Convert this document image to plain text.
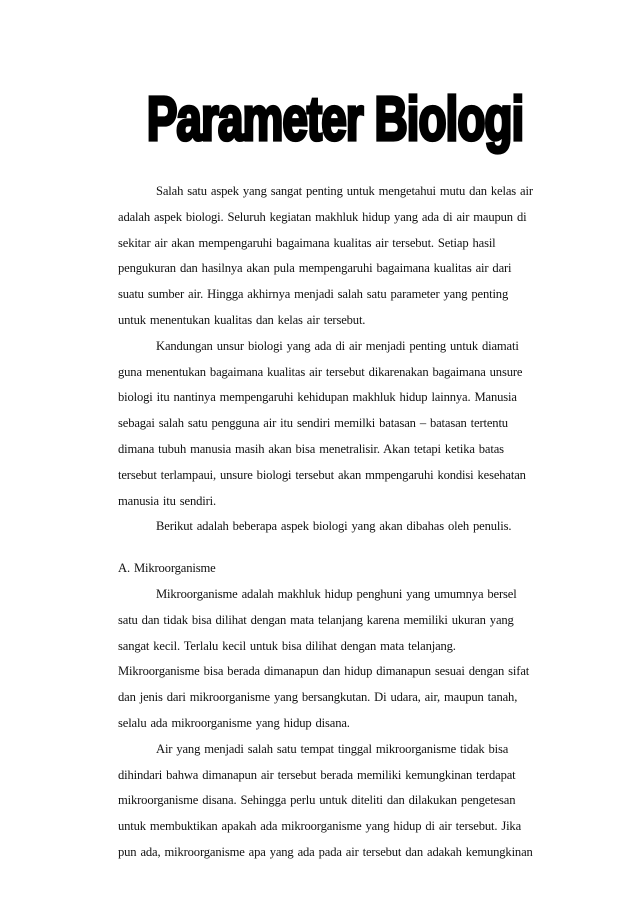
Parameter Biologi
Salah satu aspek yang sangat penting untuk mengetahui mutu dan kelas air
adalah aspek biologi. Seluruh kegiatan makhluk hidup yang ada di air maupun di
sekitar air akan mempengaruhi bagaimana kualitas air tersebut. Setiap hasil
pengukuran dan hasilnya akan pula mempengaruhi bagaimana kualitas air dari
suatu sumber air. Hingga akhirnya menjadi salah satu parameter yang penting
untuk menentukan kualitas dan kelas air tersebut.
Kandungan unsur biologi yang ada di air menjadi penting untuk diamati
guna menentukan bagaimana kualitas air tersebut dikarenakan bagaimana unsure
biologi itu nantinya mempengaruhi kehidupan makhluk hidup lainnya. Manusia
sebagai salah satu pengguna air itu sendiri memilki batasan – batasan tertentu
dimana tubuh manusia masih akan bisa menetralisir. Akan tetapi ketika batas
tersebut terlampaui, unsure biologi tersebut akan mmpengaruhi kondisi kesehatan
manusia itu sendiri.
Berikut adalah beberapa aspek biologi yang akan dibahas oleh penulis.
A. Mikroorganisme
Mikroorganisme adalah makhluk hidup penghuni yang umumnya bersel
satu dan tidak bisa dilihat dengan mata telanjang karena memiliki ukuran yang
sangat kecil. Terlalu kecil untuk bisa dilihat dengan mata telanjang.
Mikroorganisme bisa berada dimanapun dan hidup dimanapun sesuai dengan sifat
dan jenis dari mikroorganisme yang bersangkutan. Di udara, air, maupun tanah,
selalu ada mikroorganisme yang hidup disana.
Air yang menjadi salah satu tempat tinggal mikroorganisme tidak bisa
dihindari bahwa dimanapun air tersebut berada memiliki kemungkinan terdapat
mikroorganisme disana. Sehingga perlu untuk diteliti dan dilakukan pengetesan
untuk membuktikan apakah ada mikroorganisme yang hidup di air tersebut. Jika
pun ada, mikroorganisme apa yang ada pada air tersebut dan adakah kemungkinan
